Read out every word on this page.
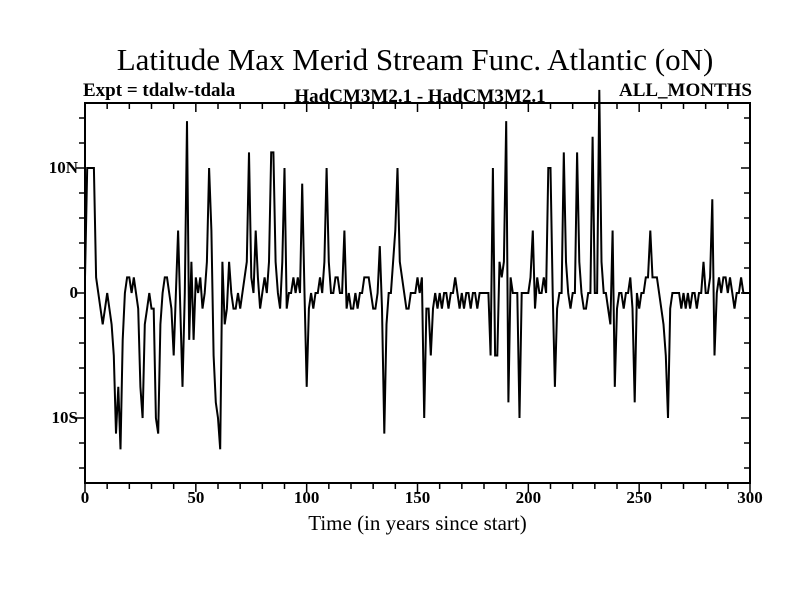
Latitude Max Merid Stream Func. Atlantic (oN)
Expt = tdalw-tdala	HadCM3M2.1 - HadCM3M2.1	ALL_MONTHS
0	50	100	150	200	250	300
10N
0
10S
Time (in years since start)
